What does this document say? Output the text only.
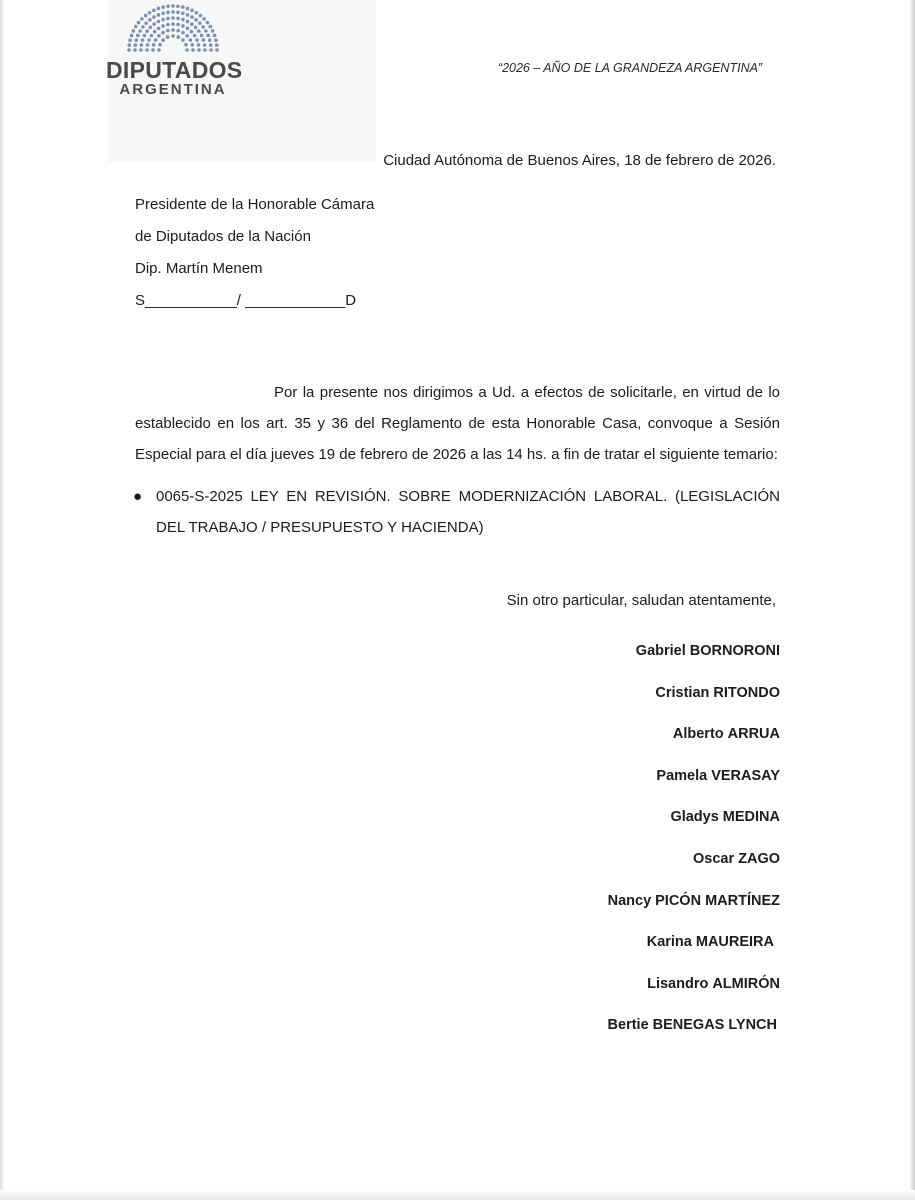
DIPUTADOS
ARGENTINA
“2026 – AÑO DE LA GRANDEZA ARGENTINA”
Ciudad Autónoma de Buenos Aires, 18 de febrero de 2026.
Presidente de la Honorable Cámara
de Diputados de la Nación
Dip. Martín Menem
S___________/ ____________D
Por la presente nos dirigimos a Ud. a efectos de solicitarle, en virtud de lo establecido en los art. 35 y 36 del Reglamento de esta Honorable Casa, convoque a Sesión Especial para el día jueves 19 de febrero de 2026 a las 14 hs. a fin de tratar el siguiente temario:
● 0065-S-2025 LEY EN REVISIÓN. SOBRE MODERNIZACIÓN LABORAL. (LEGISLACIÓN DEL TRABAJO / PRESUPUESTO Y HACIENDA)
Sin otro particular, saludan atentamente,
Gabriel BORNORONI
Cristian RITONDO
Alberto ARRUA
Pamela VERASAY
Gladys MEDINA
Oscar ZAGO
Nancy PICÓN MARTÍNEZ
Karina MAUREIRA
Lisandro ALMIRÓN
Bertie BENEGAS LYNCH
